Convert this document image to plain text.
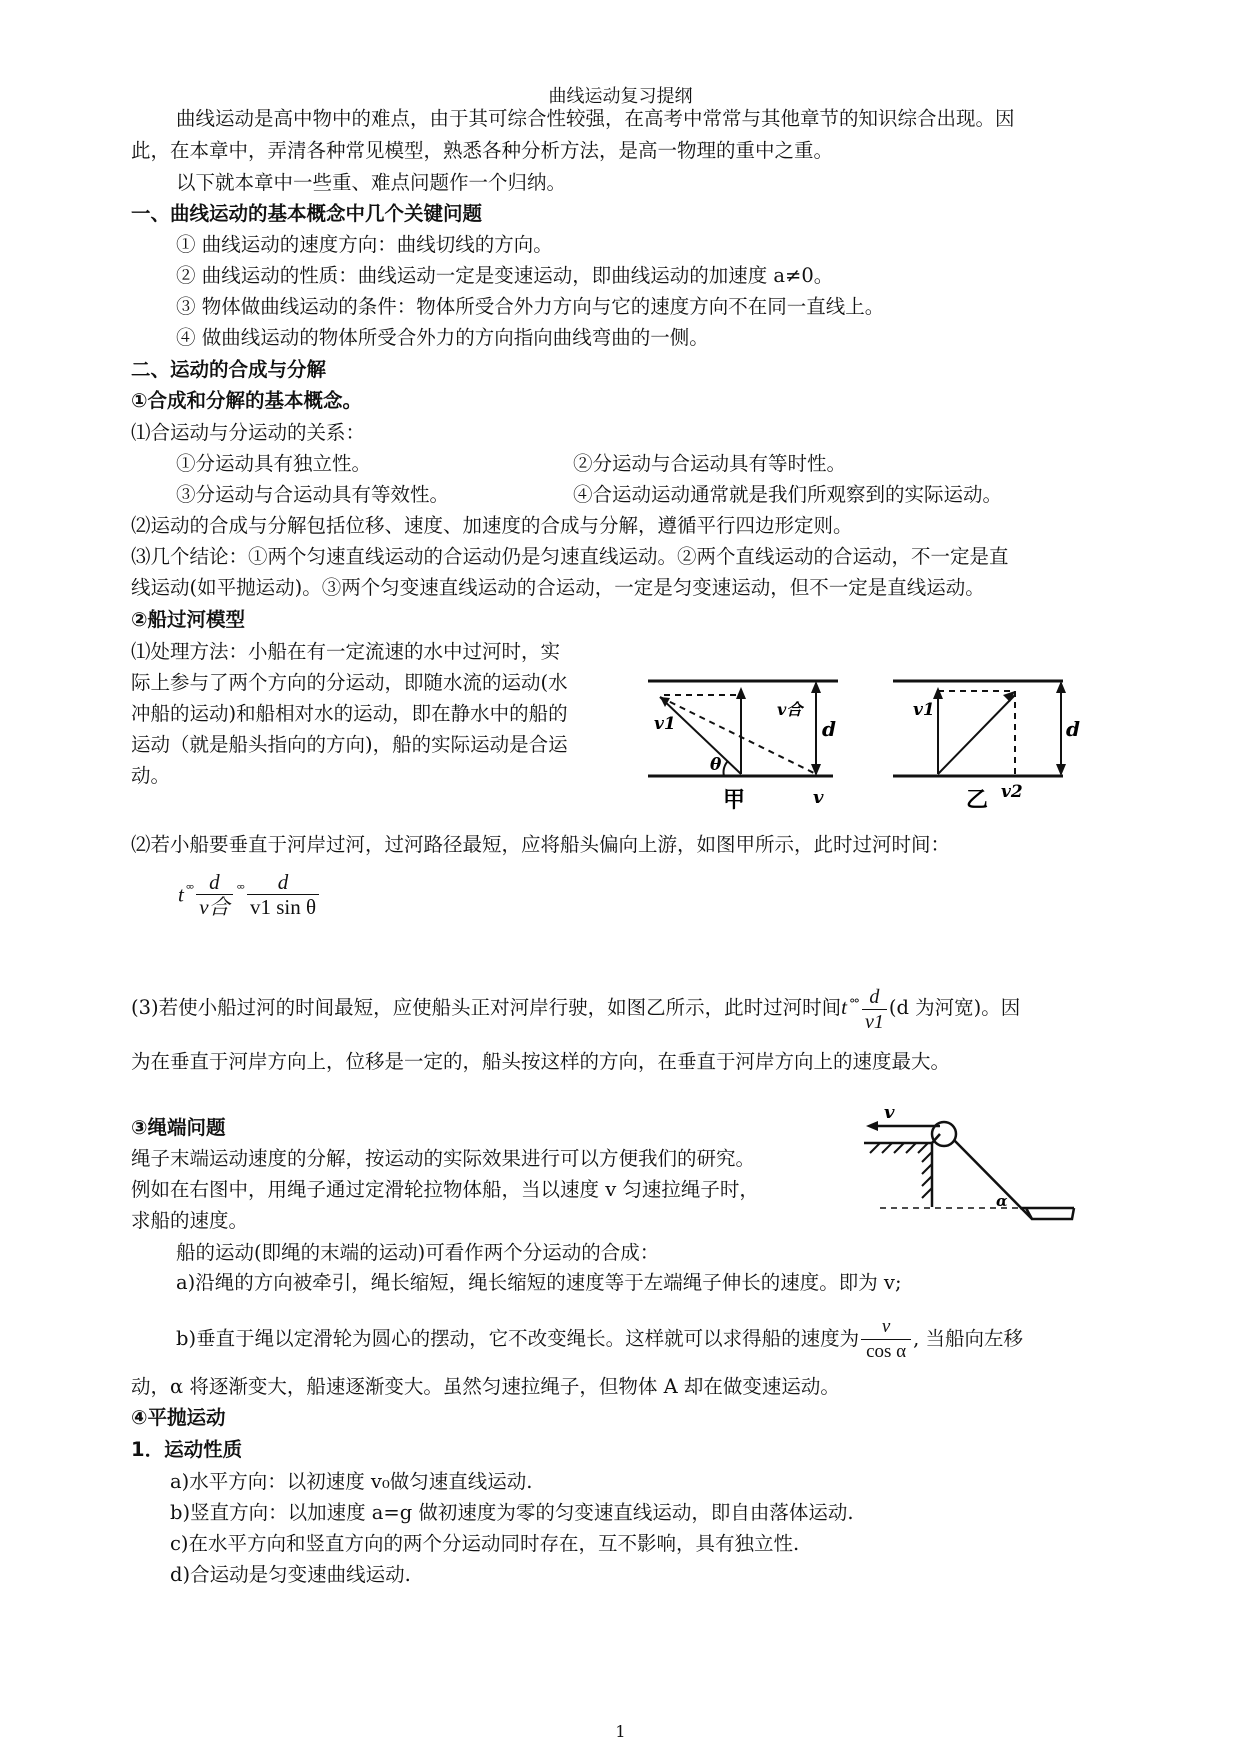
曲线运动复习提纲
曲线运动是高中物中的难点，由于其可综合性较强，在高考中常常与其他章节的知识综合出现。因
此，在本章中，弄清各种常见模型，熟悉各种分析方法，是高一物理的重中之重。
以下就本章中一些重、难点问题作一个归纳。
一、曲线运动的基本概念中几个关键问题
① 曲线运动的速度方向：曲线切线的方向。
② 曲线运动的性质：曲线运动一定是变速运动，即曲线运动的加速度 a≠0。
③ 物体做曲线运动的条件：物体所受合外力方向与它的速度方向不在同一直线上。
④ 做曲线运动的物体所受合外力的方向指向曲线弯曲的一侧。
二、运动的合成与分解
①合成和分解的基本概念。
⑴合运动与分运动的关系：
①分运动具有独立性。	②分运动与合运动具有等时性。
③分运动与合运动具有等效性。	④合运动运动通常就是我们所观察到的实际运动。
⑵运动的合成与分解包括位移、速度、加速度的合成与分解，遵循平行四边形定则。
⑶几个结论：①两个匀速直线运动的合运动仍是匀速直线运动。②两个直线运动的合运动，不一定是直
线运动(如平抛运动)。③两个匀变速直线运动的合运动，一定是匀变速运动，但不一定是直线运动。
②船过河模型
⑴处理方法：小船在有一定流速的水中过河时，实
际上参与了两个方向的分运动，即随水流的运动(水
冲船的运动)和船相对水的运动，即在静水中的船的
运动（就是船头指向的方向)，船的实际运动是合运
动。
v1
v合
d
θ
v
甲
v1
d
v2
乙
⑵若小船要垂直于河岸过河，过河路径最短，应将船头偏向上游，如图甲所示，此时过河时间：
t $^{^\circ^\circ} \frac{d}{\text{v合}} ^{^\circ^\circ} \frac{d}{\text{v1 sin θ}}$
(3)若使小船过河的时间最短，应使船头正对河岸行驶，如图乙所示，此时过河时间t $^{^\circ^\circ} \frac{d}{v1} (d$ 为河宽)。因
为在垂直于河岸方向上，位移是一定的，船头按这样的方向，在垂直于河岸方向上的速度最大。
③绳端问题
绳子末端运动速度的分解，按运动的实际效果进行可以方便我们的研究。
例如在右图中，用绳子通过定滑轮拉物体船，当以速度 v 匀速拉绳子时，
求船的速度。
v
α
船的运动(即绳的末端的运动)可看作两个分运动的合成：
a)沿绳的方向被牵引，绳长缩短，绳长缩短的速度等于左端绳子伸长的速度。即为 v;
b)垂直于绳以定滑轮为圆心的摆动，它不改变绳长。这样就可以求得船的速度为 $\frac{v}{\text{cos α}}$ , 当船向左移
动，α 将逐渐变大，船速逐渐变大。虽然匀速拉绳子，但物体 A 却在做变速运动。
④平抛运动
1．运动性质
a)水平方向：以初速度 v₀做匀速直线运动.
b)竖直方向：以加速度 a=g 做初速度为零的匀变速直线运动，即自由落体运动.
c)在水平方向和竖直方向的两个分运动同时存在，互不影响，具有独立性.
d)合运动是匀变速曲线运动.
1
